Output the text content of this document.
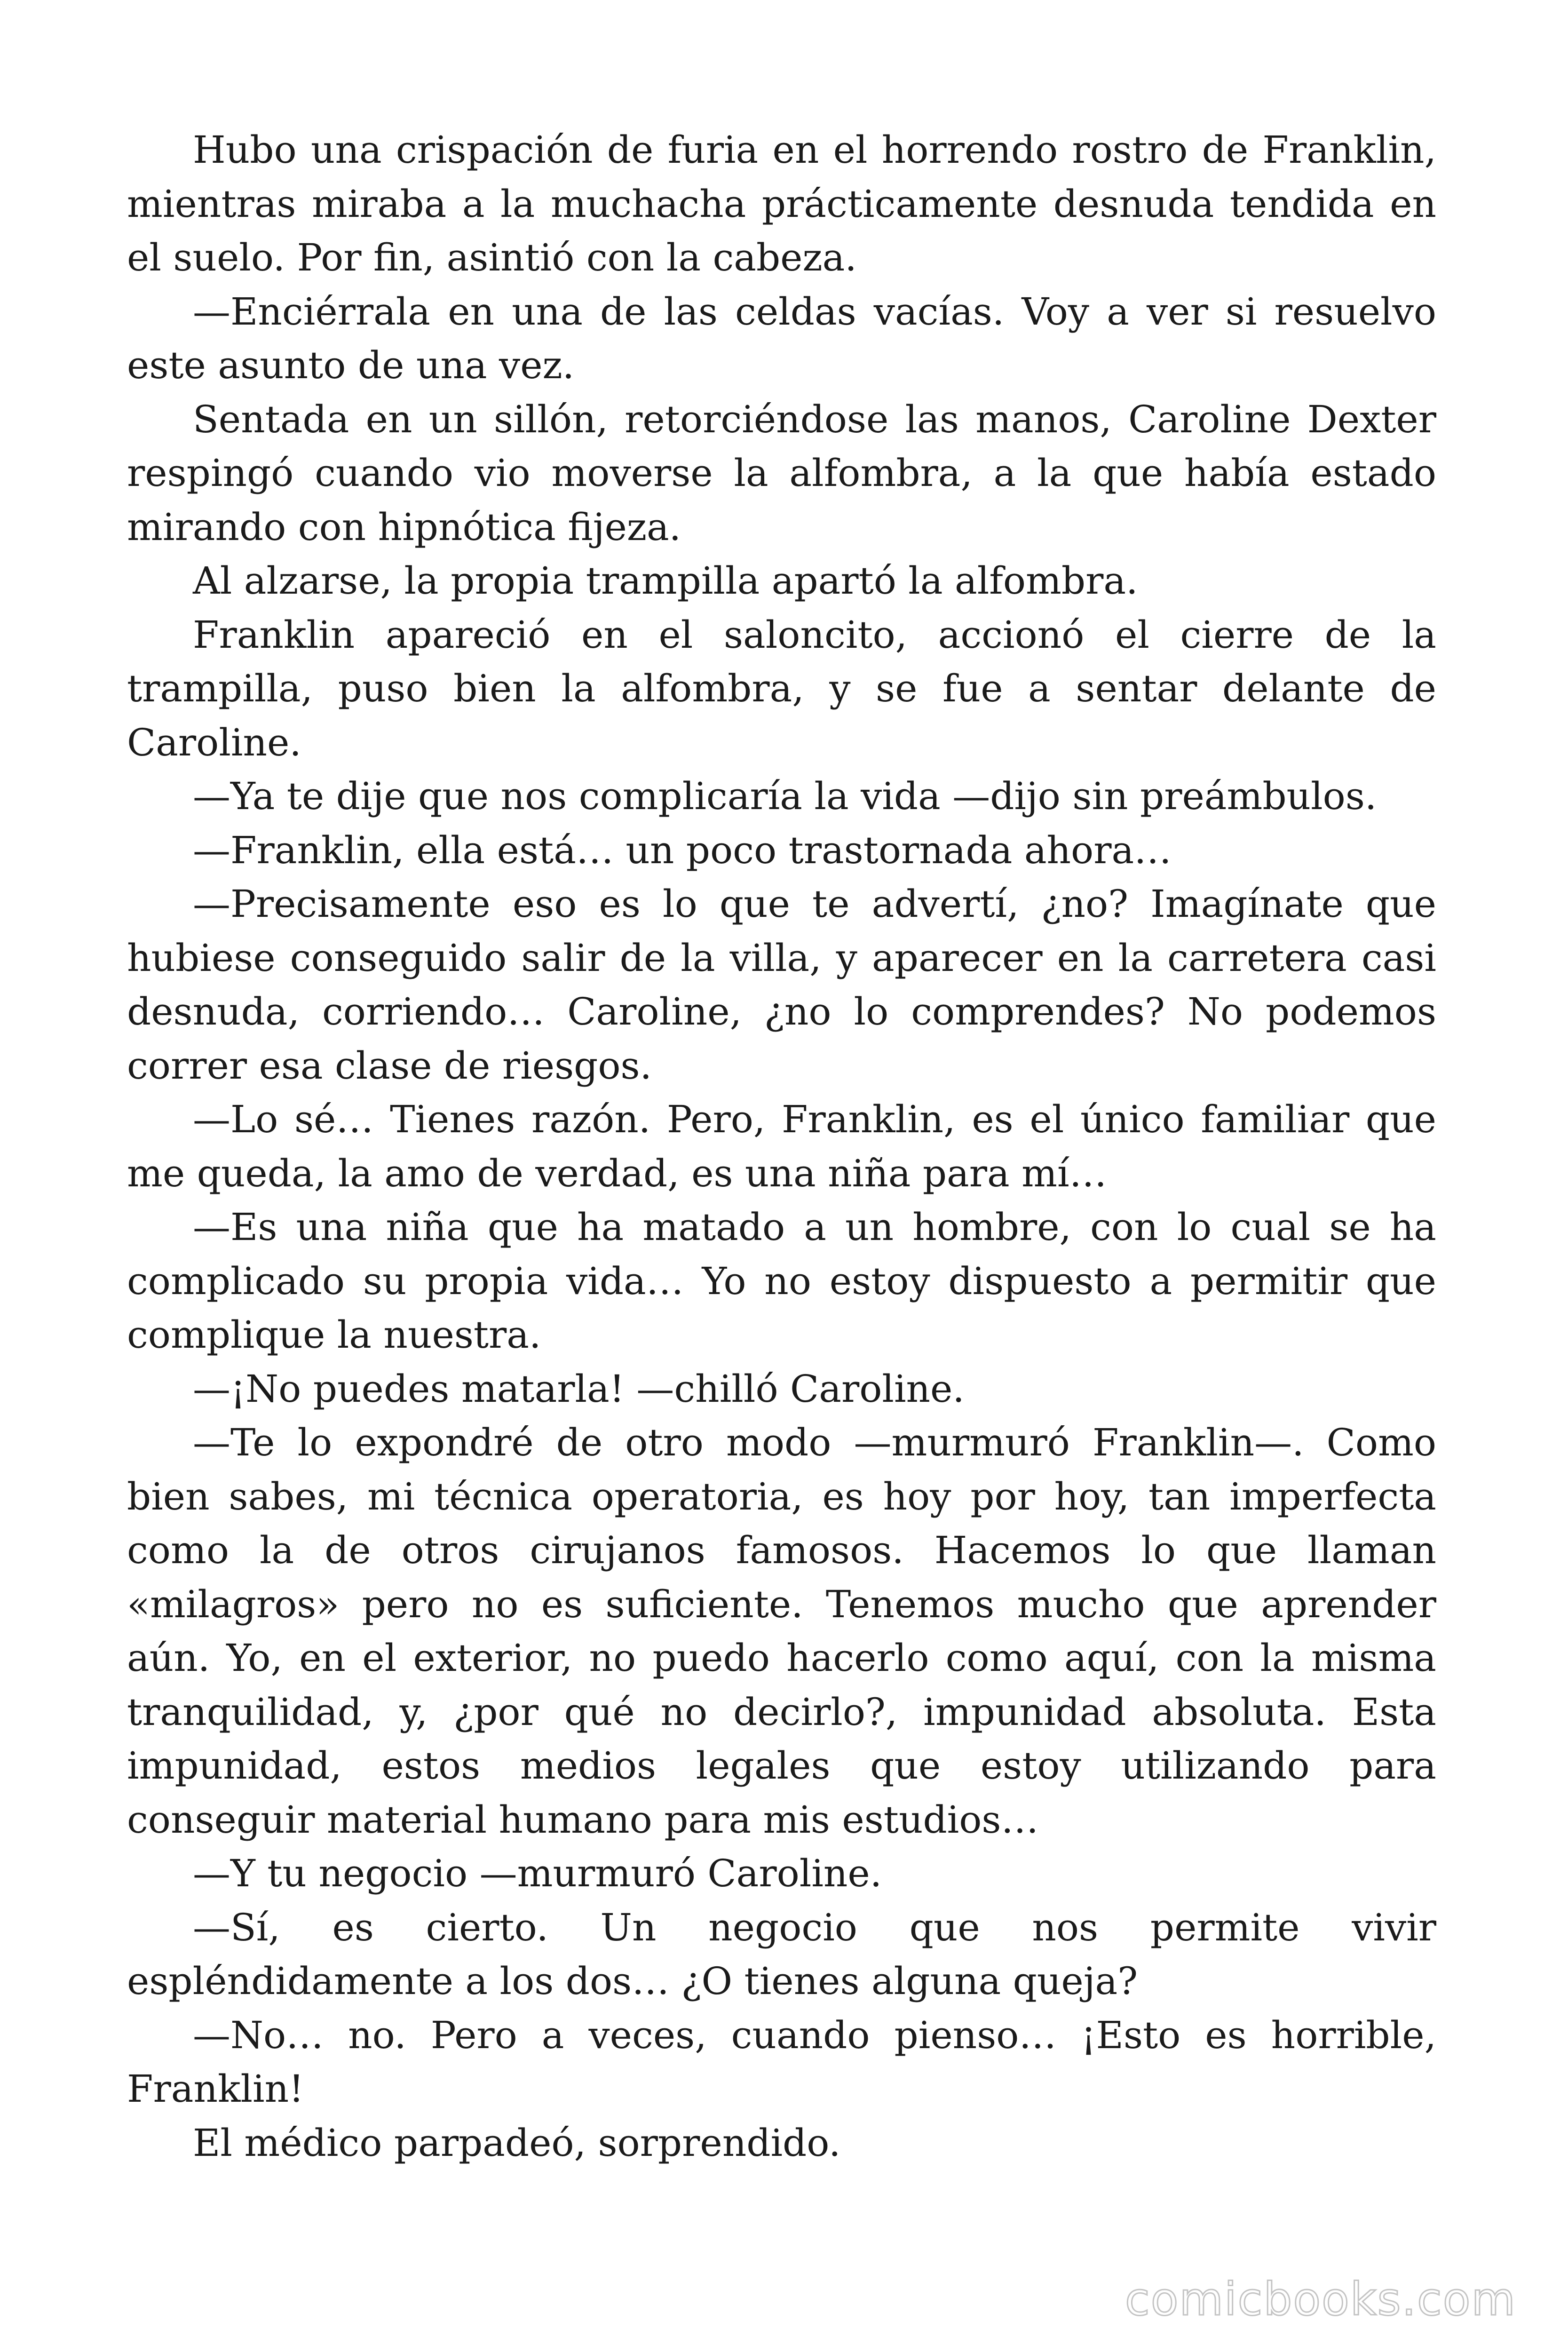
Hubo una crispación de furia en el horrendo rostro de Franklin, mientras miraba a la muchacha prácticamente desnuda tendida en el suelo. Por fin, asintió con la cabeza.

—Enciérrala en una de las celdas vacías. Voy a ver si resuelvo este asunto de una vez.

Sentada en un sillón, retorciéndose las manos, Caroline Dexter respingó cuando vio moverse la alfombra, a la que había estado mirando con hipnótica fijeza.

Al alzarse, la propia trampilla apartó la alfombra.

Franklin apareció en el saloncito, accionó el cierre de la trampilla, puso bien la alfombra, y se fue a sentar delante de Caroline.

—Ya te dije que nos complicaría la vida —dijo sin preámbulos.

—Franklin, ella está… un poco trastornada ahora…

—Precisamente eso es lo que te advertí, ¿no? Imagínate que hubiese conseguido salir de la villa, y aparecer en la carretera casi desnuda, corriendo… Caroline, ¿no lo comprendes? No podemos correr esa clase de riesgos.

—Lo sé… Tienes razón. Pero, Franklin, es el único familiar que me queda, la amo de verdad, es una niña para mí…

—Es una niña que ha matado a un hombre, con lo cual se ha complicado su propia vida… Yo no estoy dispuesto a permitir que complique la nuestra.

—¡No puedes matarla! —chilló Caroline.

—Te lo expondré de otro modo —murmuró Franklin—. Como bien sabes, mi técnica operatoria, es hoy por hoy, tan imperfecta como la de otros cirujanos famosos. Hacemos lo que llaman «milagros» pero no es suficiente. Tenemos mucho que aprender aún. Yo, en el exterior, no puedo hacerlo como aquí, con la misma tranquilidad, y, ¿por qué no decirlo?, impunidad absoluta. Esta impunidad, estos medios legales que estoy utilizando para conseguir material humano para mis estudios…

—Y tu negocio —murmuró Caroline.

—Sí, es cierto. Un negocio que nos permite vivir espléndidamente a los dos… ¿O tienes alguna queja?

—No… no. Pero a veces, cuando pienso… ¡Esto es horrible, Franklin!

El médico parpadeó, sorprendido.

comicbooks.com
